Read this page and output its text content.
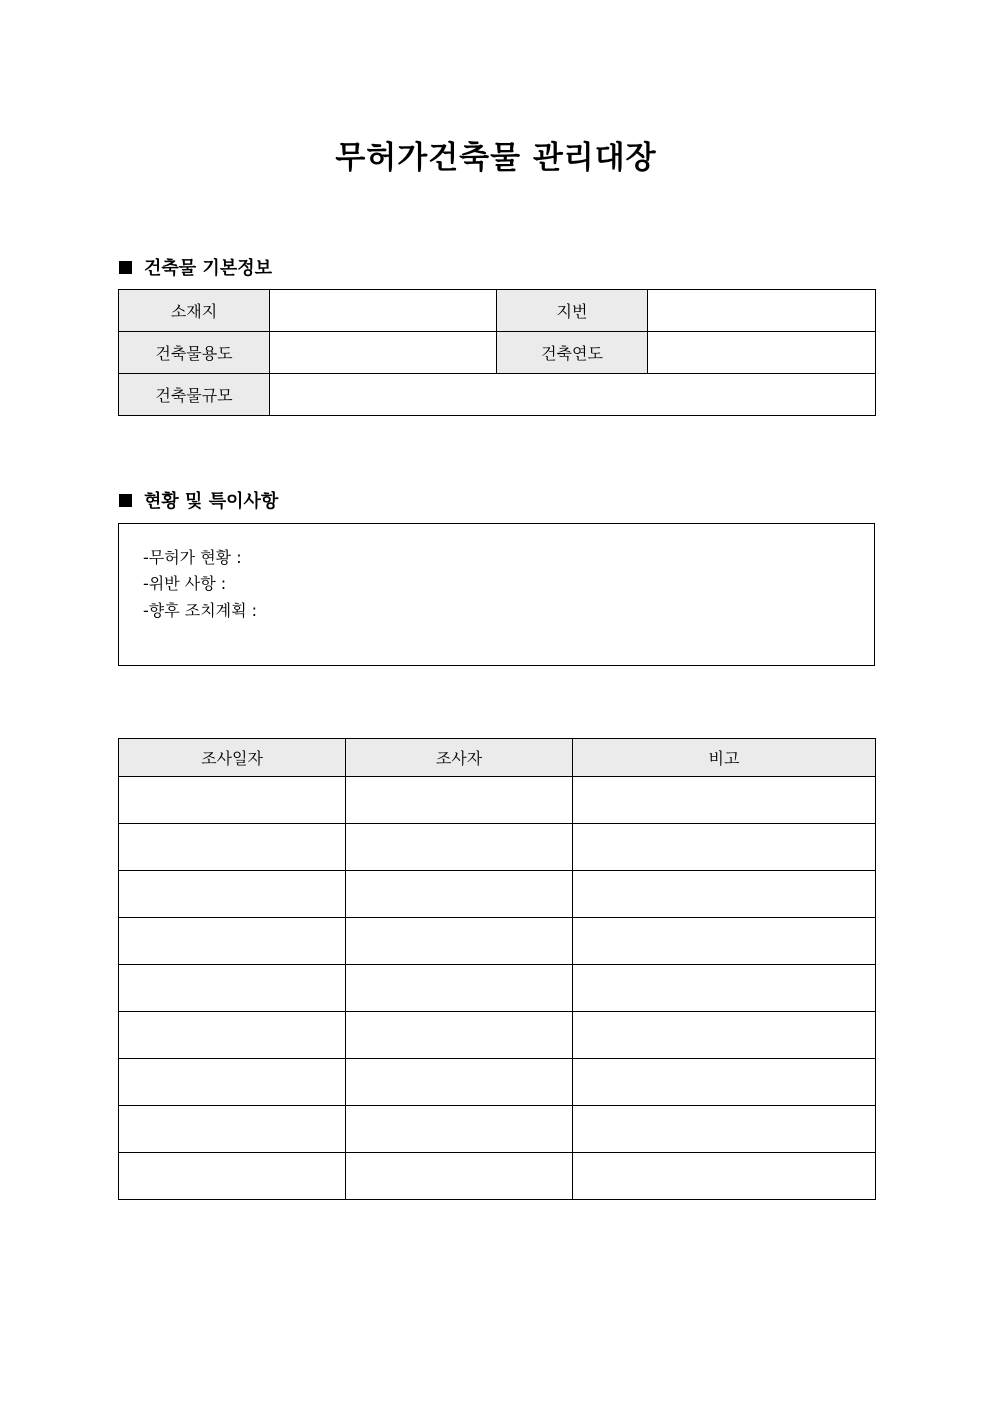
무허가건축물 관리대장
건축물 기본정보
소재지		지번	
건축물용도		건축연도	
건축물규모			
현황 및 특이사항
-무허가 현황 :
-위반 사항 :
-향후 조치계획 :
조사일자	조사자	비고
